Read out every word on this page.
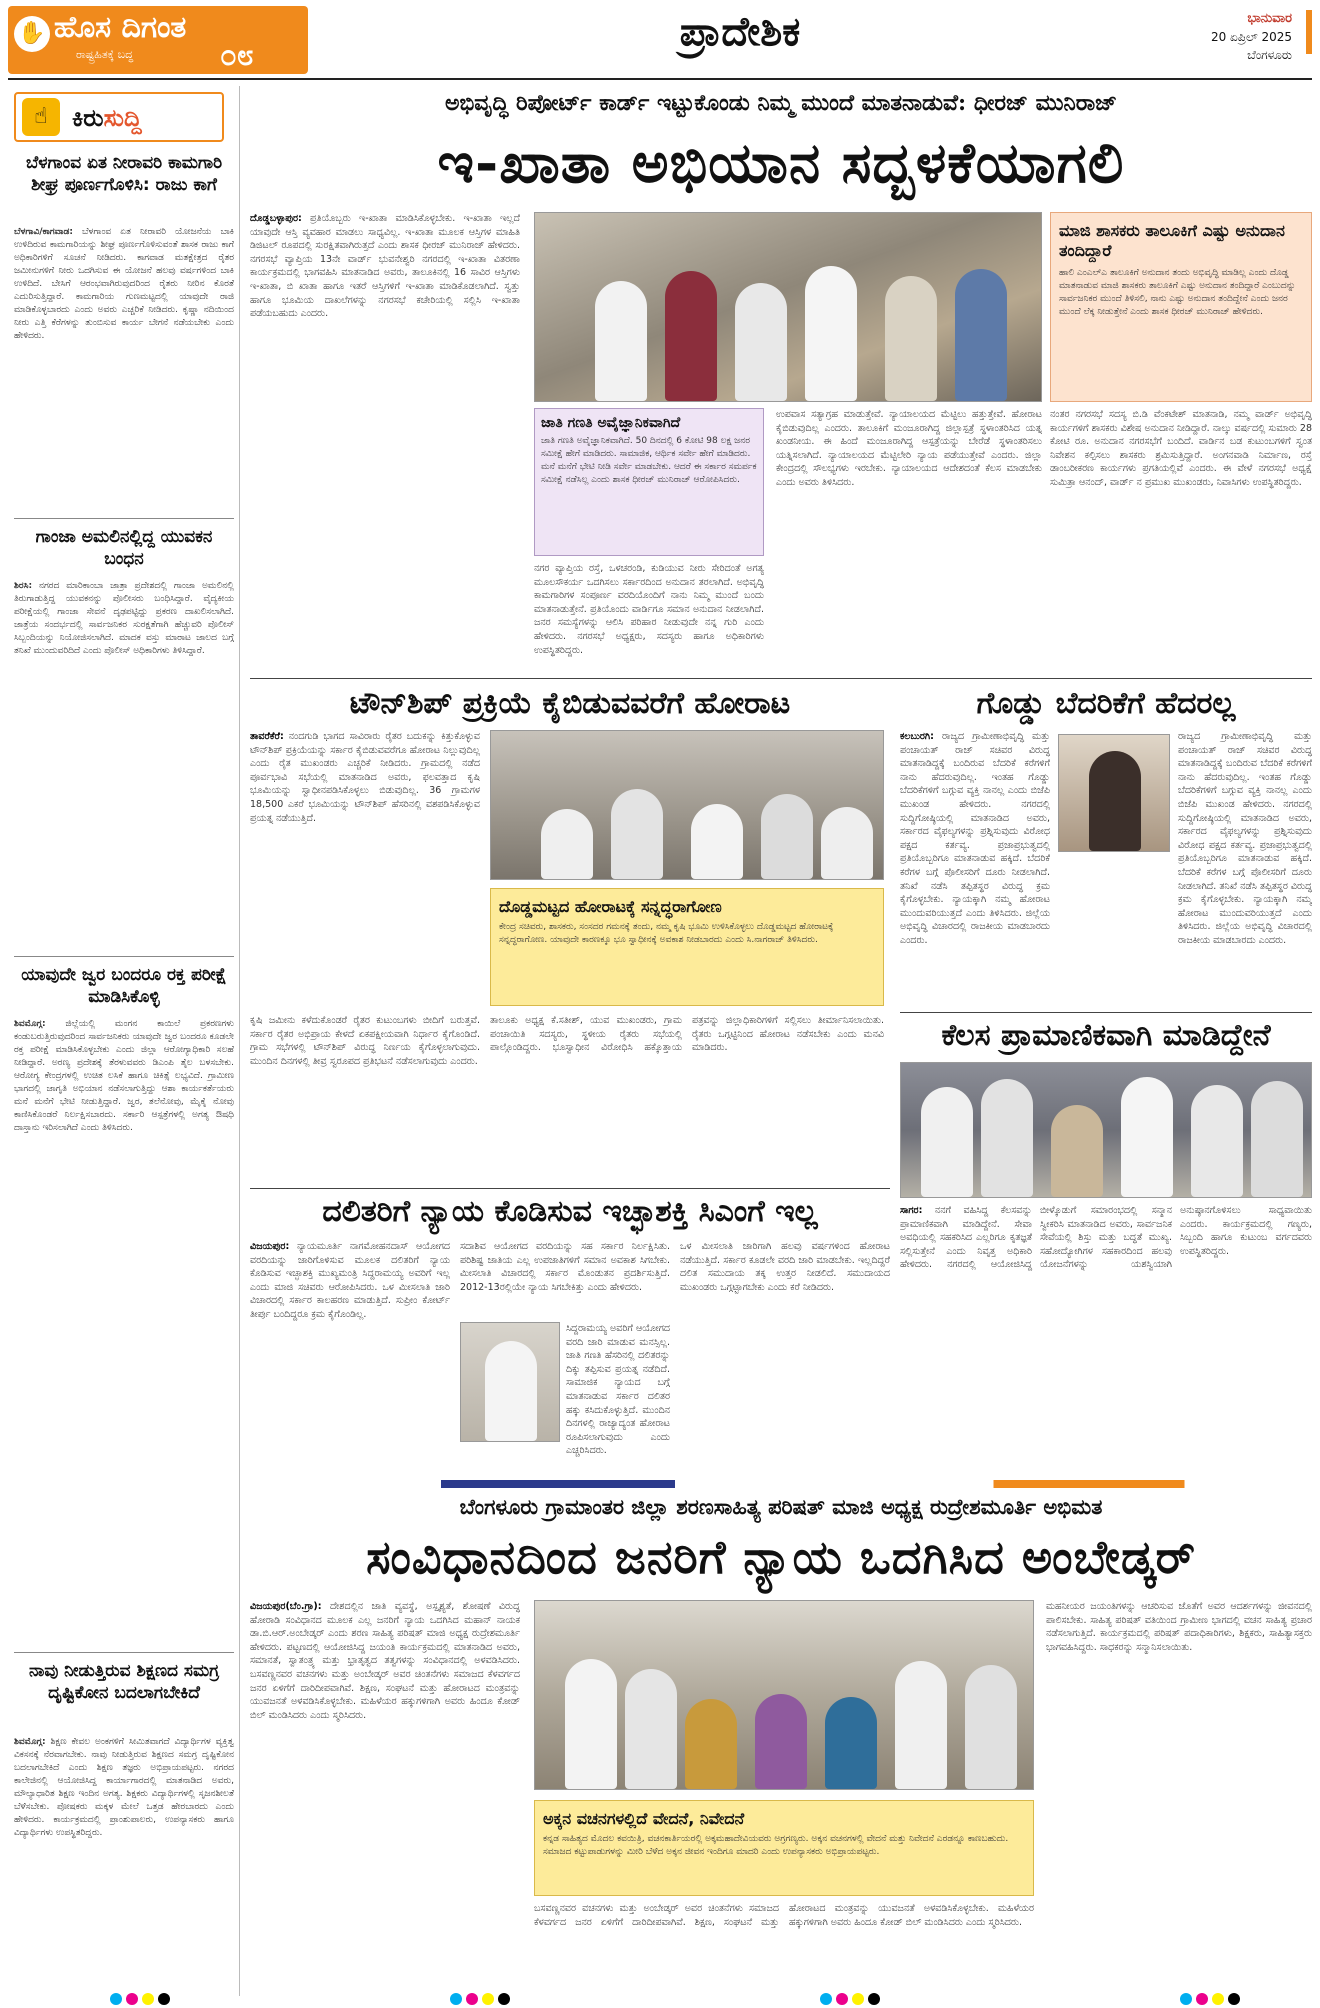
✋ ಹೊಸ ದಿಗಂತ
ರಾಷ್ಟ್ರಹಿತಕ್ಕೆ ಬದ್ಧ	೦೮
ಪ್ರಾದೇಶಿಕ	ಭಾನುವಾರ
20 ಏಪ್ರಿಲ್ 2025
ಬೆಂಗಳೂರು
☝	ಕಿರುಸುದ್ದಿ
ಬೆಳಗಾಂವ ಏತ ನೀರಾವರಿ ಕಾಮಗಾರಿ ಶೀಘ್ರ ಪೂರ್ಣಗೊಳಿಸಿ: ರಾಜು ಕಾಗೆ
ಬೆಳಗಾವಿ/ಕಾಗವಾಡ: ಬೆಳಗಾಂವ ಏತ ನೀರಾವರಿ ಯೋಜನೆಯ ಬಾಕಿ ಉಳಿದಿರುವ ಕಾಮಗಾರಿಯನ್ನು ಶೀಘ್ರ ಪೂರ್ಣಗೊಳಿಸುವಂತೆ ಶಾಸಕ ರಾಜು ಕಾಗೆ ಅಧಿಕಾರಿಗಳಿಗೆ ಸೂಚನೆ ನೀಡಿದರು. ಕಾಗವಾಡ ಮತಕ್ಷೇತ್ರದ ರೈತರ ಜಮೀನುಗಳಿಗೆ ನೀರು ಒದಗಿಸುವ ಈ ಯೋಜನೆ ಹಲವು ವರ್ಷಗಳಿಂದ ಬಾಕಿ ಉಳಿದಿದೆ. ಬೇಸಿಗೆ ಆರಂಭವಾಗಿರುವುದರಿಂದ ರೈತರು ನೀರಿನ ಕೊರತೆ ಎದುರಿಸುತ್ತಿದ್ದಾರೆ. ಕಾಮಗಾರಿಯ ಗುಣಮಟ್ಟದಲ್ಲಿ ಯಾವುದೇ ರಾಜಿ ಮಾಡಿಕೊಳ್ಳಬಾರದು ಎಂದು ಅವರು ಎಚ್ಚರಿಕೆ ನೀಡಿದರು. ಕೃಷ್ಣಾ ನದಿಯಿಂದ ನೀರು ಎತ್ತಿ ಕೆರೆಗಳನ್ನು ತುಂಬಿಸುವ ಕಾರ್ಯ ಬೇಗನೆ ನಡೆಯಬೇಕು ಎಂದು ಹೇಳಿದರು.
ಗಾಂಜಾ ಅಮಲಿನಲ್ಲಿದ್ದ ಯುವಕನ ಬಂಧನ
ಶಿರಸಿ: ನಗರದ ಮಾರಿಕಾಂಬಾ ಜಾತ್ರಾ ಪ್ರದೇಶದಲ್ಲಿ ಗಾಂಜಾ ಅಮಲಿನಲ್ಲಿ ತಿರುಗಾಡುತ್ತಿದ್ದ ಯುವಕನನ್ನು ಪೊಲೀಸರು ಬಂಧಿಸಿದ್ದಾರೆ. ವೈದ್ಯಕೀಯ ಪರೀಕ್ಷೆಯಲ್ಲಿ ಗಾಂಜಾ ಸೇವನೆ ದೃಢಪಟ್ಟಿದ್ದು ಪ್ರಕರಣ ದಾಖಲಿಸಲಾಗಿದೆ. ಜಾತ್ರೆಯ ಸಂದರ್ಭದಲ್ಲಿ ಸಾರ್ವಜನಿಕರ ಸುರಕ್ಷತೆಗಾಗಿ ಹೆಚ್ಚುವರಿ ಪೊಲೀಸ್ ಸಿಬ್ಬಂದಿಯನ್ನು ನಿಯೋಜಿಸಲಾಗಿದೆ. ಮಾದಕ ವಸ್ತು ಮಾರಾಟ ಜಾಲದ ಬಗ್ಗೆ ತನಿಖೆ ಮುಂದುವರಿದಿದೆ ಎಂದು ಪೊಲೀಸ್ ಅಧಿಕಾರಿಗಳು ತಿಳಿಸಿದ್ದಾರೆ.
ಯಾವುದೇ ಜ್ವರ ಬಂದರೂ ರಕ್ತ ಪರೀಕ್ಷೆ ಮಾಡಿಸಿಕೊಳ್ಳಿ
ಶಿವಮೊಗ್ಗ: ಜಿಲ್ಲೆಯಲ್ಲಿ ಮಂಗನ ಕಾಯಿಲೆ ಪ್ರಕರಣಗಳು ಕಂಡುಬರುತ್ತಿರುವುದರಿಂದ ಸಾರ್ವಜನಿಕರು ಯಾವುದೇ ಜ್ವರ ಬಂದರೂ ಕೂಡಲೇ ರಕ್ತ ಪರೀಕ್ಷೆ ಮಾಡಿಸಿಕೊಳ್ಳಬೇಕು ಎಂದು ಜಿಲ್ಲಾ ಆರೋಗ್ಯಾಧಿಕಾರಿ ಸಲಹೆ ನೀಡಿದ್ದಾರೆ. ಅರಣ್ಯ ಪ್ರದೇಶಕ್ಕೆ ತೆರಳುವವರು ಡಿಎಂಪಿ ತೈಲ ಬಳಸಬೇಕು. ಆರೋಗ್ಯ ಕೇಂದ್ರಗಳಲ್ಲಿ ಉಚಿತ ಲಸಿಕೆ ಹಾಗೂ ಚಿಕಿತ್ಸೆ ಲಭ್ಯವಿದೆ. ಗ್ರಾಮೀಣ ಭಾಗದಲ್ಲಿ ಜಾಗೃತಿ ಅಭಿಯಾನ ನಡೆಸಲಾಗುತ್ತಿದ್ದು ಆಶಾ ಕಾರ್ಯಕರ್ತೆಯರು ಮನೆ ಮನೆಗೆ ಭೇಟಿ ನೀಡುತ್ತಿದ್ದಾರೆ. ಜ್ವರ, ತಲೆನೋವು, ಮೈಕೈ ನೋವು ಕಾಣಿಸಿಕೊಂಡರೆ ನಿರ್ಲಕ್ಷಿಸಬಾರದು. ಸರ್ಕಾರಿ ಆಸ್ಪತ್ರೆಗಳಲ್ಲಿ ಅಗತ್ಯ ಔಷಧಿ ದಾಸ್ತಾನು ಇರಿಸಲಾಗಿದೆ ಎಂದು ತಿಳಿಸಿದರು.
ನಾವು ನೀಡುತ್ತಿರುವ ಶಿಕ್ಷಣದ ಸಮಗ್ರ ದೃಷ್ಟಿಕೋನ ಬದಲಾಗಬೇಕಿದೆ
ಶಿವಮೊಗ್ಗ: ಶಿಕ್ಷಣ ಕೇವಲ ಅಂಕಗಳಿಗೆ ಸೀಮಿತವಾಗದೆ ವಿದ್ಯಾರ್ಥಿಗಳ ವ್ಯಕ್ತಿತ್ವ ವಿಕಸನಕ್ಕೆ ನೆರವಾಗಬೇಕು. ನಾವು ನೀಡುತ್ತಿರುವ ಶಿಕ್ಷಣದ ಸಮಗ್ರ ದೃಷ್ಟಿಕೋನ ಬದಲಾಗಬೇಕಿದೆ ಎಂದು ಶಿಕ್ಷಣ ತಜ್ಞರು ಅಭಿಪ್ರಾಯಪಟ್ಟರು. ನಗರದ ಕಾಲೇಜಿನಲ್ಲಿ ಆಯೋಜಿಸಿದ್ದ ಕಾರ್ಯಾಗಾರದಲ್ಲಿ ಮಾತನಾಡಿದ ಅವರು, ಮೌಲ್ಯಾಧಾರಿತ ಶಿಕ್ಷಣ ಇಂದಿನ ಅಗತ್ಯ. ಶಿಕ್ಷಕರು ವಿದ್ಯಾರ್ಥಿಗಳಲ್ಲಿ ಸೃಜನಶೀಲತೆ ಬೆಳೆಸಬೇಕು. ಪೋಷಕರು ಮಕ್ಕಳ ಮೇಲೆ ಒತ್ತಡ ಹೇರಬಾರದು ಎಂದು ಹೇಳಿದರು. ಕಾರ್ಯಕ್ರಮದಲ್ಲಿ ಪ್ರಾಂಶುಪಾಲರು, ಉಪನ್ಯಾಸಕರು ಹಾಗೂ ವಿದ್ಯಾರ್ಥಿಗಳು ಉಪಸ್ಥಿತರಿದ್ದರು.
ಅಭಿವೃದ್ಧಿ ರಿಪೋರ್ಟ್ ಕಾರ್ಡ್ ಇಟ್ಟುಕೊಂಡು ನಿಮ್ಮ ಮುಂದೆ ಮಾತನಾಡುವೆ: ಧೀರಜ್ ಮುನಿರಾಜ್
ಇ-ಖಾತಾ ಅಭಿಯಾನ ಸದ್ಬಳಕೆಯಾಗಲಿ
ದೊಡ್ಡಬಳ್ಳಾಪುರ: ಪ್ರತಿಯೊಬ್ಬರು ಇ-ಖಾತಾ ಮಾಡಿಸಿಕೊಳ್ಳಬೇಕು. ಇ-ಖಾತಾ ಇಲ್ಲದೆ ಯಾವುದೇ ಆಸ್ತಿ ವ್ಯವಹಾರ ಮಾಡಲು ಸಾಧ್ಯವಿಲ್ಲ. ಇ-ಖಾತಾ ಮೂಲಕ ಆಸ್ತಿಗಳ ಮಾಹಿತಿ ಡಿಜಿಟಲ್ ರೂಪದಲ್ಲಿ ಸುರಕ್ಷಿತವಾಗಿರುತ್ತದೆ ಎಂದು ಶಾಸಕ ಧೀರಜ್ ಮುನಿರಾಜ್ ಹೇಳಿದರು. ನಗರಸಭೆ ವ್ಯಾಪ್ತಿಯ 13ನೇ ವಾರ್ಡ್ ಭುವನೇಶ್ವರಿ ನಗರದಲ್ಲಿ ಇ-ಖಾತಾ ವಿತರಣಾ ಕಾರ್ಯಕ್ರಮದಲ್ಲಿ ಭಾಗವಹಿಸಿ ಮಾತನಾಡಿದ ಅವರು, ತಾಲೂಕಿನಲ್ಲಿ 16 ಸಾವಿರ ಆಸ್ತಿಗಳು ಇ-ಖಾತಾ, ಬಿ ಖಾತಾ ಹಾಗೂ ಇತರೆ ಆಸ್ತಿಗಳಿಗೆ ಇ-ಖಾತಾ ಮಾಡಿಕೊಡಲಾಗಿದೆ. ಸ್ವತ್ತು ಹಾಗೂ ಭೂಮಿಯ ದಾಖಲೆಗಳನ್ನು ನಗರಸಭೆ ಕಚೇರಿಯಲ್ಲಿ ಸಲ್ಲಿಸಿ ಇ-ಖಾತಾ ಪಡೆಯಬಹುದು ಎಂದರು.
ಜಾತಿ ಗಣತಿ ಅವೈಜ್ಞಾನಿಕವಾಗಿದೆ
ಜಾತಿ ಗಣತಿ ಅವೈಜ್ಞಾನಿಕವಾಗಿದೆ. 50 ದಿನದಲ್ಲಿ 6 ಕೋಟಿ 98 ಲಕ್ಷ ಜನರ ಸಮೀಕ್ಷೆ ಹೇಗೆ ಮಾಡಿದರು. ಸಾಮಾಜಿಕ, ಆರ್ಥಿಕ ಸರ್ವೇ ಹೇಗೆ ಮಾಡಿದರು. ಮನೆ ಮನೆಗೆ ಭೇಟಿ ನೀಡಿ ಸರ್ವೇ ಮಾಡಬೇಕು. ಆದರೆ ಈ ಸರ್ಕಾರ ಸಮರ್ಪಕ ಸಮೀಕ್ಷೆ ನಡೆಸಿಲ್ಲ ಎಂದು ಶಾಸಕ ಧೀರಜ್ ಮುನಿರಾಜ್ ಆರೋಪಿಸಿದರು.
ನಗರ ವ್ಯಾಪ್ತಿಯ ರಸ್ತೆ, ಒಳಚರಂಡಿ, ಕುಡಿಯುವ ನೀರು ಸೇರಿದಂತೆ ಅಗತ್ಯ ಮೂಲಸೌಕರ್ಯ ಒದಗಿಸಲು ಸರ್ಕಾರದಿಂದ ಅನುದಾನ ತರಲಾಗಿದೆ. ಅಭಿವೃದ್ಧಿ ಕಾಮಗಾರಿಗಳ ಸಂಪೂರ್ಣ ವರದಿಯೊಂದಿಗೆ ನಾನು ನಿಮ್ಮ ಮುಂದೆ ಬಂದು ಮಾತನಾಡುತ್ತೇನೆ. ಪ್ರತಿಯೊಂದು ವಾರ್ಡಿಗೂ ಸಮಾನ ಅನುದಾನ ನೀಡಲಾಗಿದೆ. ಜನರ ಸಮಸ್ಯೆಗಳನ್ನು ಆಲಿಸಿ ಪರಿಹಾರ ನೀಡುವುದೇ ನನ್ನ ಗುರಿ ಎಂದು ಹೇಳಿದರು. ನಗರಸಭೆ ಅಧ್ಯಕ್ಷರು, ಸದಸ್ಯರು ಹಾಗೂ ಅಧಿಕಾರಿಗಳು ಉಪಸ್ಥಿತರಿದ್ದರು.
ಉಪವಾಸ ಸತ್ಯಾಗ್ರಹ ಮಾಡುತ್ತೇವೆ. ನ್ಯಾಯಾಲಯದ ಮೆಟ್ಟಿಲು ಹತ್ತುತ್ತೇವೆ. ಹೋರಾಟ ಕೈಬಿಡುವುದಿಲ್ಲ ಎಂದರು. ತಾಲೂಕಿಗೆ ಮಂಜೂರಾಗಿದ್ದ ಜಿಲ್ಲಾಸ್ಪತ್ರೆ ಸ್ಥಳಾಂತರಿಸಿದ ಯತ್ನ ಖಂಡನೀಯ. ಈ ಹಿಂದೆ ಮಂಜೂರಾಗಿದ್ದ ಆಸ್ಪತ್ರೆಯನ್ನು ಬೇರೆಡೆ ಸ್ಥಳಾಂತರಿಸಲು ಯತ್ನಿಸಲಾಗಿದೆ. ನ್ಯಾಯಾಲಯದ ಮೆಟ್ಟಿಲೇರಿ ನ್ಯಾಯ ಪಡೆಯುತ್ತೇವೆ ಎಂದರು. ಜಿಲ್ಲಾ ಕೇಂದ್ರದಲ್ಲಿ ಸೌಲಭ್ಯಗಳು ಇರಬೇಕು. ನ್ಯಾಯಾಲಯದ ಆದೇಶದಂತೆ ಕೆಲಸ ಮಾಡಬೇಕು ಎಂದು ಅವರು ತಿಳಿಸಿದರು.
ಮಾಜಿ ಶಾಸಕರು ತಾಲೂಕಿಗೆ ಎಷ್ಟು ಅನುದಾನ ತಂದಿದ್ದಾರೆ
ಹಾಲಿ ಎಂಎಲ್ಎ ತಾಲೂಕಿಗೆ ಅನುದಾನ ತಂದು ಅಭಿವೃದ್ಧಿ ಮಾಡಿಲ್ಲ ಎಂದು ದೊಡ್ಡ ಮಾತನಾಡುವ ಮಾಜಿ ಶಾಸಕರು ತಾಲೂಕಿಗೆ ಎಷ್ಟು ಅನುದಾನ ತಂದಿದ್ದಾರೆ ಎಂಬುದನ್ನು ಸಾರ್ವಜನಿಕರ ಮುಂದೆ ತಿಳಿಸಲಿ, ನಾನು ಎಷ್ಟು ಅನುದಾನ ತಂದಿದ್ದೇನೆ ಎಂದು ಜನರ ಮುಂದೆ ಲೆಕ್ಕ ನೀಡುತ್ತೇನೆ ಎಂದು ಶಾಸಕ ಧೀರಜ್ ಮುನಿರಾಜ್ ಹೇಳಿದರು.
ನಂತರ ನಗರಸಭೆ ಸದಸ್ಯ ಬಿ.ಡಿ ವೆಂಕಟೇಶ್ ಮಾತನಾಡಿ, ನಮ್ಮ ವಾರ್ಡ್ ಅಭಿವೃದ್ಧಿ ಕಾರ್ಯಗಳಿಗೆ ಶಾಸಕರು ವಿಶೇಷ ಅನುದಾನ ನೀಡಿದ್ದಾರೆ. ನಾಲ್ಕು ವರ್ಷದಲ್ಲಿ ಸುಮಾರು 28 ಕೋಟಿ ರೂ. ಅನುದಾನ ನಗರಸಭೆಗೆ ಬಂದಿದೆ. ವಾರ್ಡಿನ ಬಡ ಕುಟುಂಬಗಳಿಗೆ ಸ್ವಂತ ನಿವೇಶನ ಕಲ್ಪಿಸಲು ಶಾಸಕರು ಶ್ರಮಿಸುತ್ತಿದ್ದಾರೆ. ಅಂಗನವಾಡಿ ನಿರ್ಮಾಣ, ರಸ್ತೆ ಡಾಂಬರೀಕರಣ ಕಾರ್ಯಗಳು ಪ್ರಗತಿಯಲ್ಲಿವೆ ಎಂದರು. ಈ ವೇಳೆ ನಗರಸಭೆ ಅಧ್ಯಕ್ಷೆ ಸುಮಿತ್ರಾ ಆನಂದ್, ವಾರ್ಡ್ ನ ಪ್ರಮುಖ ಮುಖಂಡರು, ನಿವಾಸಿಗಳು ಉಪಸ್ಥಿತರಿದ್ದರು.
ಟೌನ್‌ಶಿಪ್ ಪ್ರಕ್ರಿಯೆ ಕೈಬಿಡುವವರೆಗೆ ಹೋರಾಟ
ತಾವರೆಕೆರೆ: ನಂದಗುಡಿ ಭಾಗದ ಸಾವಿರಾರು ರೈತರ ಬದುಕನ್ನು ಕಿತ್ತುಕೊಳ್ಳುವ ಟೌನ್‌ಶಿಪ್ ಪ್ರಕ್ರಿಯೆಯನ್ನು ಸರ್ಕಾರ ಕೈಬಿಡುವವರೆಗೂ ಹೋರಾಟ ನಿಲ್ಲುವುದಿಲ್ಲ ಎಂದು ರೈತ ಮುಖಂಡರು ಎಚ್ಚರಿಕೆ ನೀಡಿದರು. ಗ್ರಾಮದಲ್ಲಿ ನಡೆದ ಪೂರ್ವಭಾವಿ ಸಭೆಯಲ್ಲಿ ಮಾತನಾಡಿದ ಅವರು, ಫಲವತ್ತಾದ ಕೃಷಿ ಭೂಮಿಯನ್ನು ಸ್ವಾಧೀನಪಡಿಸಿಕೊಳ್ಳಲು ಬಿಡುವುದಿಲ್ಲ. 36 ಗ್ರಾಮಗಳ 18,500 ಎಕರೆ ಭೂಮಿಯನ್ನು ಟೌನ್‌ಶಿಪ್ ಹೆಸರಿನಲ್ಲಿ ವಶಪಡಿಸಿಕೊಳ್ಳುವ ಪ್ರಯತ್ನ ನಡೆಯುತ್ತಿದೆ.
ದೊಡ್ಡಮಟ್ಟದ ಹೋರಾಟಕ್ಕೆ ಸನ್ನದ್ಧರಾಗೋಣ
ಕೇಂದ್ರ ಸಚಿವರು, ಶಾಸಕರು, ಸಂಸದರ ಗಮನಕ್ಕೆ ತಂದು, ನಮ್ಮ ಕೃಷಿ ಭೂಮಿ ಉಳಿಸಿಕೊಳ್ಳಲು ದೊಡ್ಡಮಟ್ಟದ ಹೋರಾಟಕ್ಕೆ ಸನ್ನದ್ಧರಾಗೋಣ. ಯಾವುದೇ ಕಾರಣಕ್ಕೂ ಭೂ ಸ್ವಾಧೀನಕ್ಕೆ ಅವಕಾಶ ನೀಡಬಾರದು ಎಂದು ಸಿ.ನಾಗರಾಜ್ ತಿಳಿಸಿದರು.
ಕೃಷಿ ಜಮೀನು ಕಳೆದುಕೊಂಡರೆ ರೈತರ ಕುಟುಂಬಗಳು ಬೀದಿಗೆ ಬರುತ್ತವೆ. ಸರ್ಕಾರ ರೈತರ ಅಭಿಪ್ರಾಯ ಕೇಳದೆ ಏಕಪಕ್ಷೀಯವಾಗಿ ನಿರ್ಧಾರ ಕೈಗೊಂಡಿದೆ. ಗ್ರಾಮ ಸಭೆಗಳಲ್ಲಿ ಟೌನ್‌ಶಿಪ್ ವಿರುದ್ಧ ನಿರ್ಣಯ ಕೈಗೊಳ್ಳಲಾಗುವುದು. ಮುಂದಿನ ದಿನಗಳಲ್ಲಿ ತೀವ್ರ ಸ್ವರೂಪದ ಪ್ರತಿಭಟನೆ ನಡೆಸಲಾಗುವುದು ಎಂದರು.
ತಾಲೂಕು ಅಧ್ಯಕ್ಷ ಕೆ.ಸತೀಶ್, ಯುವ ಮುಖಂಡರು, ಗ್ರಾಮ ಪಂಚಾಯಿತಿ ಸದಸ್ಯರು, ಸ್ಥಳೀಯ ರೈತರು ಸಭೆಯಲ್ಲಿ ಪಾಲ್ಗೊಂಡಿದ್ದರು. ಭೂಸ್ವಾಧೀನ ವಿರೋಧಿಸಿ ಹಕ್ಕೊತ್ತಾಯ ಪತ್ರವನ್ನು ಜಿಲ್ಲಾಧಿಕಾರಿಗಳಿಗೆ ಸಲ್ಲಿಸಲು ತೀರ್ಮಾನಿಸಲಾಯಿತು. ರೈತರು ಒಗ್ಗಟ್ಟಿನಿಂದ ಹೋರಾಟ ನಡೆಸಬೇಕು ಎಂದು ಮನವಿ ಮಾಡಿದರು.
ಗೊಡ್ಡು ಬೆದರಿಕೆಗೆ ಹೆದರಲ್ಲ
ಕಲಬುರಗಿ: ರಾಜ್ಯದ ಗ್ರಾಮೀಣಾಭಿವೃದ್ಧಿ ಮತ್ತು ಪಂಚಾಯತ್ ರಾಜ್ ಸಚಿವರ ವಿರುದ್ಧ ಮಾತನಾಡಿದ್ದಕ್ಕೆ ಬಂದಿರುವ ಬೆದರಿಕೆ ಕರೆಗಳಿಗೆ ನಾನು ಹೆದರುವುದಿಲ್ಲ. ಇಂತಹ ಗೊಡ್ಡು ಬೆದರಿಕೆಗಳಿಗೆ ಬಗ್ಗುವ ವ್ಯಕ್ತಿ ನಾನಲ್ಲ ಎಂದು ಬಿಜೆಪಿ ಮುಖಂಡ ಹೇಳಿದರು. ನಗರದಲ್ಲಿ ಸುದ್ದಿಗೋಷ್ಠಿಯಲ್ಲಿ ಮಾತನಾಡಿದ ಅವರು, ಸರ್ಕಾರದ ವೈಫಲ್ಯಗಳನ್ನು ಪ್ರಶ್ನಿಸುವುದು ವಿರೋಧ ಪಕ್ಷದ ಕರ್ತವ್ಯ. ಪ್ರಜಾಪ್ರಭುತ್ವದಲ್ಲಿ ಪ್ರತಿಯೊಬ್ಬರಿಗೂ ಮಾತನಾಡುವ ಹಕ್ಕಿದೆ. ಬೆದರಿಕೆ ಕರೆಗಳ ಬಗ್ಗೆ ಪೊಲೀಸರಿಗೆ ದೂರು ನೀಡಲಾಗಿದೆ. ತನಿಖೆ ನಡೆಸಿ ತಪ್ಪಿತಸ್ಥರ ವಿರುದ್ಧ ಕ್ರಮ ಕೈಗೊಳ್ಳಬೇಕು. ನ್ಯಾಯಕ್ಕಾಗಿ ನಮ್ಮ ಹೋರಾಟ ಮುಂದುವರಿಯುತ್ತದೆ ಎಂದು ತಿಳಿಸಿದರು. ಜಿಲ್ಲೆಯ ಅಭಿವೃದ್ಧಿ ವಿಚಾರದಲ್ಲಿ ರಾಜಕೀಯ ಮಾಡಬಾರದು ಎಂದರು.
ರಾಜ್ಯದ ಗ್ರಾಮೀಣಾಭಿವೃದ್ಧಿ ಮತ್ತು ಪಂಚಾಯತ್ ರಾಜ್ ಸಚಿವರ ವಿರುದ್ಧ ಮಾತನಾಡಿದ್ದಕ್ಕೆ ಬಂದಿರುವ ಬೆದರಿಕೆ ಕರೆಗಳಿಗೆ ನಾನು ಹೆದರುವುದಿಲ್ಲ. ಇಂತಹ ಗೊಡ್ಡು ಬೆದರಿಕೆಗಳಿಗೆ ಬಗ್ಗುವ ವ್ಯಕ್ತಿ ನಾನಲ್ಲ ಎಂದು ಬಿಜೆಪಿ ಮುಖಂಡ ಹೇಳಿದರು. ನಗರದಲ್ಲಿ ಸುದ್ದಿಗೋಷ್ಠಿಯಲ್ಲಿ ಮಾತನಾಡಿದ ಅವರು, ಸರ್ಕಾರದ ವೈಫಲ್ಯಗಳನ್ನು ಪ್ರಶ್ನಿಸುವುದು ವಿರೋಧ ಪಕ್ಷದ ಕರ್ತವ್ಯ. ಪ್ರಜಾಪ್ರಭುತ್ವದಲ್ಲಿ ಪ್ರತಿಯೊಬ್ಬರಿಗೂ ಮಾತನಾಡುವ ಹಕ್ಕಿದೆ. ಬೆದರಿಕೆ ಕರೆಗಳ ಬಗ್ಗೆ ಪೊಲೀಸರಿಗೆ ದೂರು ನೀಡಲಾಗಿದೆ. ತನಿಖೆ ನಡೆಸಿ ತಪ್ಪಿತಸ್ಥರ ವಿರುದ್ಧ ಕ್ರಮ ಕೈಗೊಳ್ಳಬೇಕು. ನ್ಯಾಯಕ್ಕಾಗಿ ನಮ್ಮ ಹೋರಾಟ ಮುಂದುವರಿಯುತ್ತದೆ ಎಂದು ತಿಳಿಸಿದರು. ಜಿಲ್ಲೆಯ ಅಭಿವೃದ್ಧಿ ವಿಚಾರದಲ್ಲಿ ರಾಜಕೀಯ ಮಾಡಬಾರದು ಎಂದರು.
ಕೆಲಸ ಪ್ರಾಮಾಣಿಕವಾಗಿ ಮಾಡಿದ್ದೇನೆ
ಸಾಗರ: ನನಗೆ ವಹಿಸಿದ್ದ ಕೆಲಸವನ್ನು ಪ್ರಾಮಾಣಿಕವಾಗಿ ಮಾಡಿದ್ದೇನೆ. ಸೇವಾ ಅವಧಿಯಲ್ಲಿ ಸಹಕರಿಸಿದ ಎಲ್ಲರಿಗೂ ಕೃತಜ್ಞತೆ ಸಲ್ಲಿಸುತ್ತೇನೆ ಎಂದು ನಿವೃತ್ತ ಅಧಿಕಾರಿ ಹೇಳಿದರು. ನಗರದಲ್ಲಿ ಆಯೋಜಿಸಿದ್ದ ಬೀಳ್ಕೊಡುಗೆ ಸಮಾರಂಭದಲ್ಲಿ ಸನ್ಮಾನ ಸ್ವೀಕರಿಸಿ ಮಾತನಾಡಿದ ಅವರು, ಸಾರ್ವಜನಿಕ ಸೇವೆಯಲ್ಲಿ ಶಿಸ್ತು ಮತ್ತು ಬದ್ಧತೆ ಮುಖ್ಯ. ಸಹೋದ್ಯೋಗಿಗಳ ಸಹಕಾರದಿಂದ ಹಲವು ಯೋಜನೆಗಳನ್ನು ಯಶಸ್ವಿಯಾಗಿ ಅನುಷ್ಠಾನಗೊಳಿಸಲು ಸಾಧ್ಯವಾಯಿತು ಎಂದರು. ಕಾರ್ಯಕ್ರಮದಲ್ಲಿ ಗಣ್ಯರು, ಸಿಬ್ಬಂದಿ ಹಾಗೂ ಕುಟುಂಬ ವರ್ಗದವರು ಉಪಸ್ಥಿತರಿದ್ದರು.
ದಲಿತರಿಗೆ ನ್ಯಾಯ ಕೊಡಿಸುವ ಇಚ್ಛಾಶಕ್ತಿ ಸಿಎಂಗೆ ಇಲ್ಲ
ವಿಜಯಪುರ: ನ್ಯಾಯಮೂರ್ತಿ ನಾಗಮೋಹನದಾಸ್ ಆಯೋಗದ ವರದಿಯನ್ನು ಜಾರಿಗೊಳಿಸುವ ಮೂಲಕ ದಲಿತರಿಗೆ ನ್ಯಾಯ ಕೊಡಿಸುವ ಇಚ್ಛಾಶಕ್ತಿ ಮುಖ್ಯಮಂತ್ರಿ ಸಿದ್ದರಾಮಯ್ಯ ಅವರಿಗೆ ಇಲ್ಲ ಎಂದು ಮಾಜಿ ಸಚಿವರು ಆರೋಪಿಸಿದರು. ಒಳ ಮೀಸಲಾತಿ ಜಾರಿ ವಿಚಾರದಲ್ಲಿ ಸರ್ಕಾರ ಕಾಲಹರಣ ಮಾಡುತ್ತಿದೆ. ಸುಪ್ರೀಂ ಕೋರ್ಟ್ ತೀರ್ಪು ಬಂದಿದ್ದರೂ ಕ್ರಮ ಕೈಗೊಂಡಿಲ್ಲ.
ಸದಾಶಿವ ಆಯೋಗದ ವರದಿಯನ್ನು ಸಹ ಸರ್ಕಾರ ನಿರ್ಲಕ್ಷಿಸಿತು. ಪರಿಶಿಷ್ಟ ಜಾತಿಯ ಎಲ್ಲ ಉಪಜಾತಿಗಳಿಗೆ ಸಮಾನ ಅವಕಾಶ ಸಿಗಬೇಕು. ಮೀಸಲಾತಿ ವಿಚಾರದಲ್ಲಿ ಸರ್ಕಾರ ಮೊಂಡುತನ ಪ್ರದರ್ಶಿಸುತ್ತಿದೆ. 2012-13ರಲ್ಲಿಯೇ ನ್ಯಾಯ ಸಿಗಬೇಕಿತ್ತು ಎಂದು ಹೇಳಿದರು.
ಸಿದ್ದರಾಮಯ್ಯ ಅವರಿಗೆ ಆಯೋಗದ ವರದಿ ಜಾರಿ ಮಾಡುವ ಮನಸ್ಸಿಲ್ಲ. ಜಾತಿ ಗಣತಿ ಹೆಸರಿನಲ್ಲಿ ದಲಿತರನ್ನು ದಿಕ್ಕು ತಪ್ಪಿಸುವ ಪ್ರಯತ್ನ ನಡೆದಿದೆ. ಸಾಮಾಜಿಕ ನ್ಯಾಯದ ಬಗ್ಗೆ ಮಾತನಾಡುವ ಸರ್ಕಾರ ದಲಿತರ ಹಕ್ಕು ಕಸಿದುಕೊಳ್ಳುತ್ತಿದೆ. ಮುಂದಿನ ದಿನಗಳಲ್ಲಿ ರಾಜ್ಯಾದ್ಯಂತ ಹೋರಾಟ ರೂಪಿಸಲಾಗುವುದು ಎಂದು ಎಚ್ಚರಿಸಿದರು.
ಒಳ ಮೀಸಲಾತಿ ಜಾರಿಗಾಗಿ ಹಲವು ವರ್ಷಗಳಿಂದ ಹೋರಾಟ ನಡೆಯುತ್ತಿದೆ. ಸರ್ಕಾರ ಕೂಡಲೇ ವರದಿ ಜಾರಿ ಮಾಡಬೇಕು. ಇಲ್ಲದಿದ್ದರೆ ದಲಿತ ಸಮುದಾಯ ತಕ್ಕ ಉತ್ತರ ನೀಡಲಿದೆ. ಸಮುದಾಯದ ಮುಖಂಡರು ಒಗ್ಗಟ್ಟಾಗಬೇಕು ಎಂದು ಕರೆ ನೀಡಿದರು.
ಬೆಂಗಳೂರು ಗ್ರಾಮಾಂತರ ಜಿಲ್ಲಾ ಶರಣಸಾಹಿತ್ಯ ಪರಿಷತ್ ಮಾಜಿ ಅಧ್ಯಕ್ಷ ರುದ್ರೇಶಮೂರ್ತಿ ಅಭಿಮತ
ಸಂವಿಧಾನದಿಂದ ಜನರಿಗೆ ನ್ಯಾಯ ಒದಗಿಸಿದ ಅಂಬೇಡ್ಕರ್
ವಿಜಯಪುರ(ಬೆಂ.ಗ್ರಾ): ದೇಶದಲ್ಲಿನ ಜಾತಿ ವ್ಯವಸ್ಥೆ, ಅಸ್ಪೃಶ್ಯತೆ, ಶೋಷಣೆ ವಿರುದ್ಧ ಹೋರಾಡಿ ಸಂವಿಧಾನದ ಮೂಲಕ ಎಲ್ಲ ಜನರಿಗೆ ನ್ಯಾಯ ಒದಗಿಸಿದ ಮಹಾನ್ ನಾಯಕ ಡಾ.ಬಿ.ಆರ್.ಅಂಬೇಡ್ಕರ್ ಎಂದು ಶರಣ ಸಾಹಿತ್ಯ ಪರಿಷತ್ ಮಾಜಿ ಅಧ್ಯಕ್ಷ ರುದ್ರೇಶಮೂರ್ತಿ ಹೇಳಿದರು. ಪಟ್ಟಣದಲ್ಲಿ ಆಯೋಜಿಸಿದ್ದ ಜಯಂತಿ ಕಾರ್ಯಕ್ರಮದಲ್ಲಿ ಮಾತನಾಡಿದ ಅವರು, ಸಮಾನತೆ, ಸ್ವಾತಂತ್ರ್ಯ ಮತ್ತು ಭ್ರಾತೃತ್ವದ ತತ್ವಗಳನ್ನು ಸಂವಿಧಾನದಲ್ಲಿ ಅಳವಡಿಸಿದರು. ಬಸವಣ್ಣನವರ ವಚನಗಳು ಮತ್ತು ಅಂಬೇಡ್ಕರ್ ಅವರ ಚಿಂತನೆಗಳು ಸಮಾಜದ ಕೆಳವರ್ಗದ ಜನರ ಏಳಿಗೆಗೆ ದಾರಿದೀಪವಾಗಿವೆ. ಶಿಕ್ಷಣ, ಸಂಘಟನೆ ಮತ್ತು ಹೋರಾಟದ ಮಂತ್ರವನ್ನು ಯುವಜನತೆ ಅಳವಡಿಸಿಕೊಳ್ಳಬೇಕು. ಮಹಿಳೆಯರ ಹಕ್ಕುಗಳಿಗಾಗಿ ಅವರು ಹಿಂದೂ ಕೋಡ್ ಬಿಲ್ ಮಂಡಿಸಿದರು ಎಂದು ಸ್ಮರಿಸಿದರು.
ಅಕ್ಕನ ವಚನಗಳಲ್ಲಿದೆ ವೇದನೆ, ನಿವೇದನೆ
ಕನ್ನಡ ಸಾಹಿತ್ಯದ ಮೊದಲ ಕವಯಿತ್ರಿ, ವಚನಕಾರ್ತಿಯರಲ್ಲಿ ಅಕ್ಕಮಹಾದೇವಿಯವರು ಅಗ್ರಗಣ್ಯರು. ಅಕ್ಕನ ವಚನಗಳಲ್ಲಿ ವೇದನೆ ಮತ್ತು ನಿವೇದನೆ ಎರಡನ್ನೂ ಕಾಣಬಹುದು. ಸಮಾಜದ ಕಟ್ಟುಪಾಡುಗಳನ್ನು ಮೀರಿ ಬೆಳೆದ ಅಕ್ಕನ ಜೀವನ ಇಂದಿಗೂ ಮಾದರಿ ಎಂದು ಉಪನ್ಯಾಸಕರು ಅಭಿಪ್ರಾಯಪಟ್ಟರು.
ಬಸವಣ್ಣನವರ ವಚನಗಳು ಮತ್ತು ಅಂಬೇಡ್ಕರ್ ಅವರ ಚಿಂತನೆಗಳು ಸಮಾಜದ ಕೆಳವರ್ಗದ ಜನರ ಏಳಿಗೆಗೆ ದಾರಿದೀಪವಾಗಿವೆ. ಶಿಕ್ಷಣ, ಸಂಘಟನೆ ಮತ್ತು ಹೋರಾಟದ ಮಂತ್ರವನ್ನು ಯುವಜನತೆ ಅಳವಡಿಸಿಕೊಳ್ಳಬೇಕು. ಮಹಿಳೆಯರ ಹಕ್ಕುಗಳಿಗಾಗಿ ಅವರು ಹಿಂದೂ ಕೋಡ್ ಬಿಲ್ ಮಂಡಿಸಿದರು ಎಂದು ಸ್ಮರಿಸಿದರು.
ಮಹನೀಯರ ಜಯಂತಿಗಳನ್ನು ಆಚರಿಸುವ ಜೊತೆಗೆ ಅವರ ಆದರ್ಶಗಳನ್ನು ಜೀವನದಲ್ಲಿ ಪಾಲಿಸಬೇಕು. ಸಾಹಿತ್ಯ ಪರಿಷತ್ ವತಿಯಿಂದ ಗ್ರಾಮೀಣ ಭಾಗದಲ್ಲಿ ವಚನ ಸಾಹಿತ್ಯ ಪ್ರಚಾರ ನಡೆಸಲಾಗುತ್ತಿದೆ. ಕಾರ್ಯಕ್ರಮದಲ್ಲಿ ಪರಿಷತ್ ಪದಾಧಿಕಾರಿಗಳು, ಶಿಕ್ಷಕರು, ಸಾಹಿತ್ಯಾಸಕ್ತರು ಭಾಗವಹಿಸಿದ್ದರು. ಸಾಧಕರನ್ನು ಸನ್ಮಾನಿಸಲಾಯಿತು.
